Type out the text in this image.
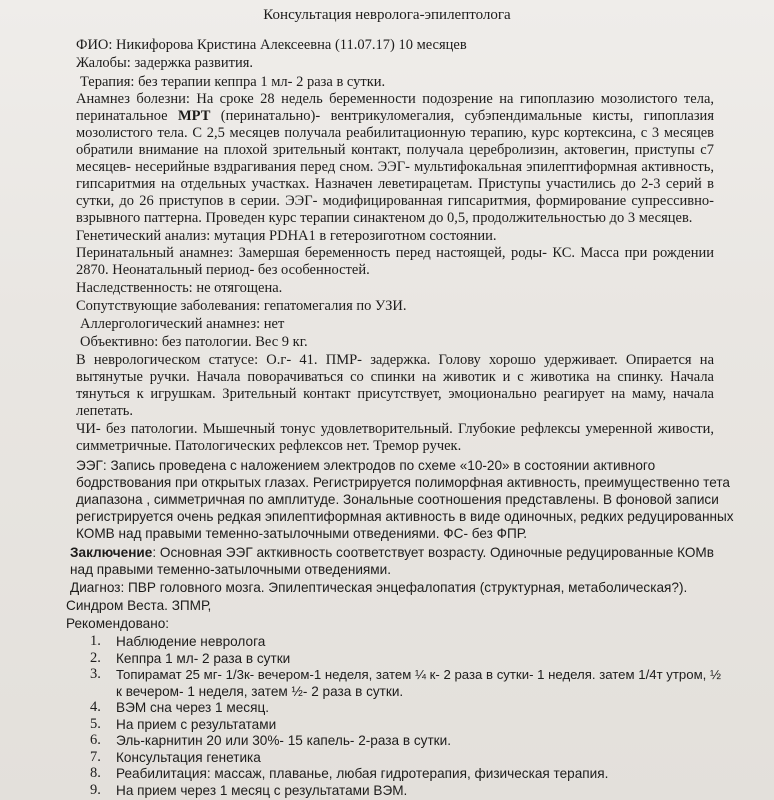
Консультация невролога-эпилептолога
ФИО: Никифорова Кристина Алексеевна (11.07.17) 10 месяцев
Жалобы: задержка развития.
Терапия: без терапии кеппра 1 мл- 2 раза в сутки.
Анамнез болезни: На сроке 28 недель беременности подозрение на гипоплазию мозолистого тела,
перинатальное МРТ (перинатально)- вентрикуломегалия, субэпендимальные кисты, гипоплазия
мозолистого тела. С 2,5 месяцев получала реабилитационную терапию, курс кортексина, с 3 месяцев
обратили внимание на плохой зрительный контакт, получала церебролизин, актовегин, приступы с7
месяцев- несерийные вздрагивания перед сном. ЭЭГ- мультифокальная эпилептиформная активность,
гипсаритмия на отдельных участках. Назначен леветирацетам. Приступы участились до 2-3 серий в
сутки, до 26 приступов в серии. ЭЭГ- модифицированная гипсаритмия, формирование супрессивно-
взрывного паттерна. Проведен курс терапии синактеном до 0,5, продолжительностью до 3 месяцев.
Генетический анализ: мутация PDHA1 в гетерозиготном состоянии.
Перинатальный анамнез: Замершая беременность перед настоящей, роды- КС. Масса при рождении
2870. Неонатальный период- без особенностей.
Наследственность: не отягощена.
Сопутствующие заболевания: гепатомегалия по УЗИ.
Аллергологический анамнез: нет
Объективно: без патологии. Вес 9 кг.
В неврологическом статусе: О.г- 41. ПМР- задержка. Голову хорошо удерживает. Опирается на
вытянутые ручки. Начала поворачиваться со спинки на животик и с животика на спинку. Начала
тянуться к игрушкам. Зрительный контакт присутствует, эмоционально реагирует на маму, начала
лепетать.
ЧИ- без патологии. Мышечный тонус удовлетворительный. Глубокие рефлексы умеренной живости,
симметричные. Патологических рефлексов нет. Тремор ручек.
ЭЭГ: Запись проведена с наложением электродов по схеме «10-20» в состоянии активного
бодрствования при открытых глазах. Регистрируется полиморфная активность, преимущественно тета
диапазона , симметричная по амплитуде. Зональные соотношения представлены. В фоновой записи
регистрируется очень редкая эпилептиформная активность в виде одиночных, редких редуцированных
КОМВ над правыми теменно-затылочными отведениями. ФС- без ФПР.
Заключение: Основная ЭЭГ акткивность соответствует возрасту. Одиночные редуцированные КОМв
над правыми теменно-затылочными отведениями.
Диагноз: ПВР головного мозга. Эпилептическая энцефалопатия (структурная, метаболическая?).
Синдром Веста. ЗПМР,
Рекомендовано:
1. Наблюдение невролога
2. Кеппра 1 мл- 2 раза в сутки
3. Топирамат 25 мг- 1/3к- вечером-1 неделя, затем ¼ к- 2 раза в сутки- 1 неделя. затем 1/4т утром, ½
к вечером- 1 неделя, затем ½- 2 раза в сутки.
4. ВЭМ сна через 1 месяц.
5. На прием с результатами
6. Эль-карнитин 20 или 30%- 15 капель- 2-раза в сутки.
7. Консультация генетика
8. Реабилитация: массаж, плаванье, любая гидротерапия, физическая терапия.
9. На прием через 1 месяц с результатами ВЭМ.
